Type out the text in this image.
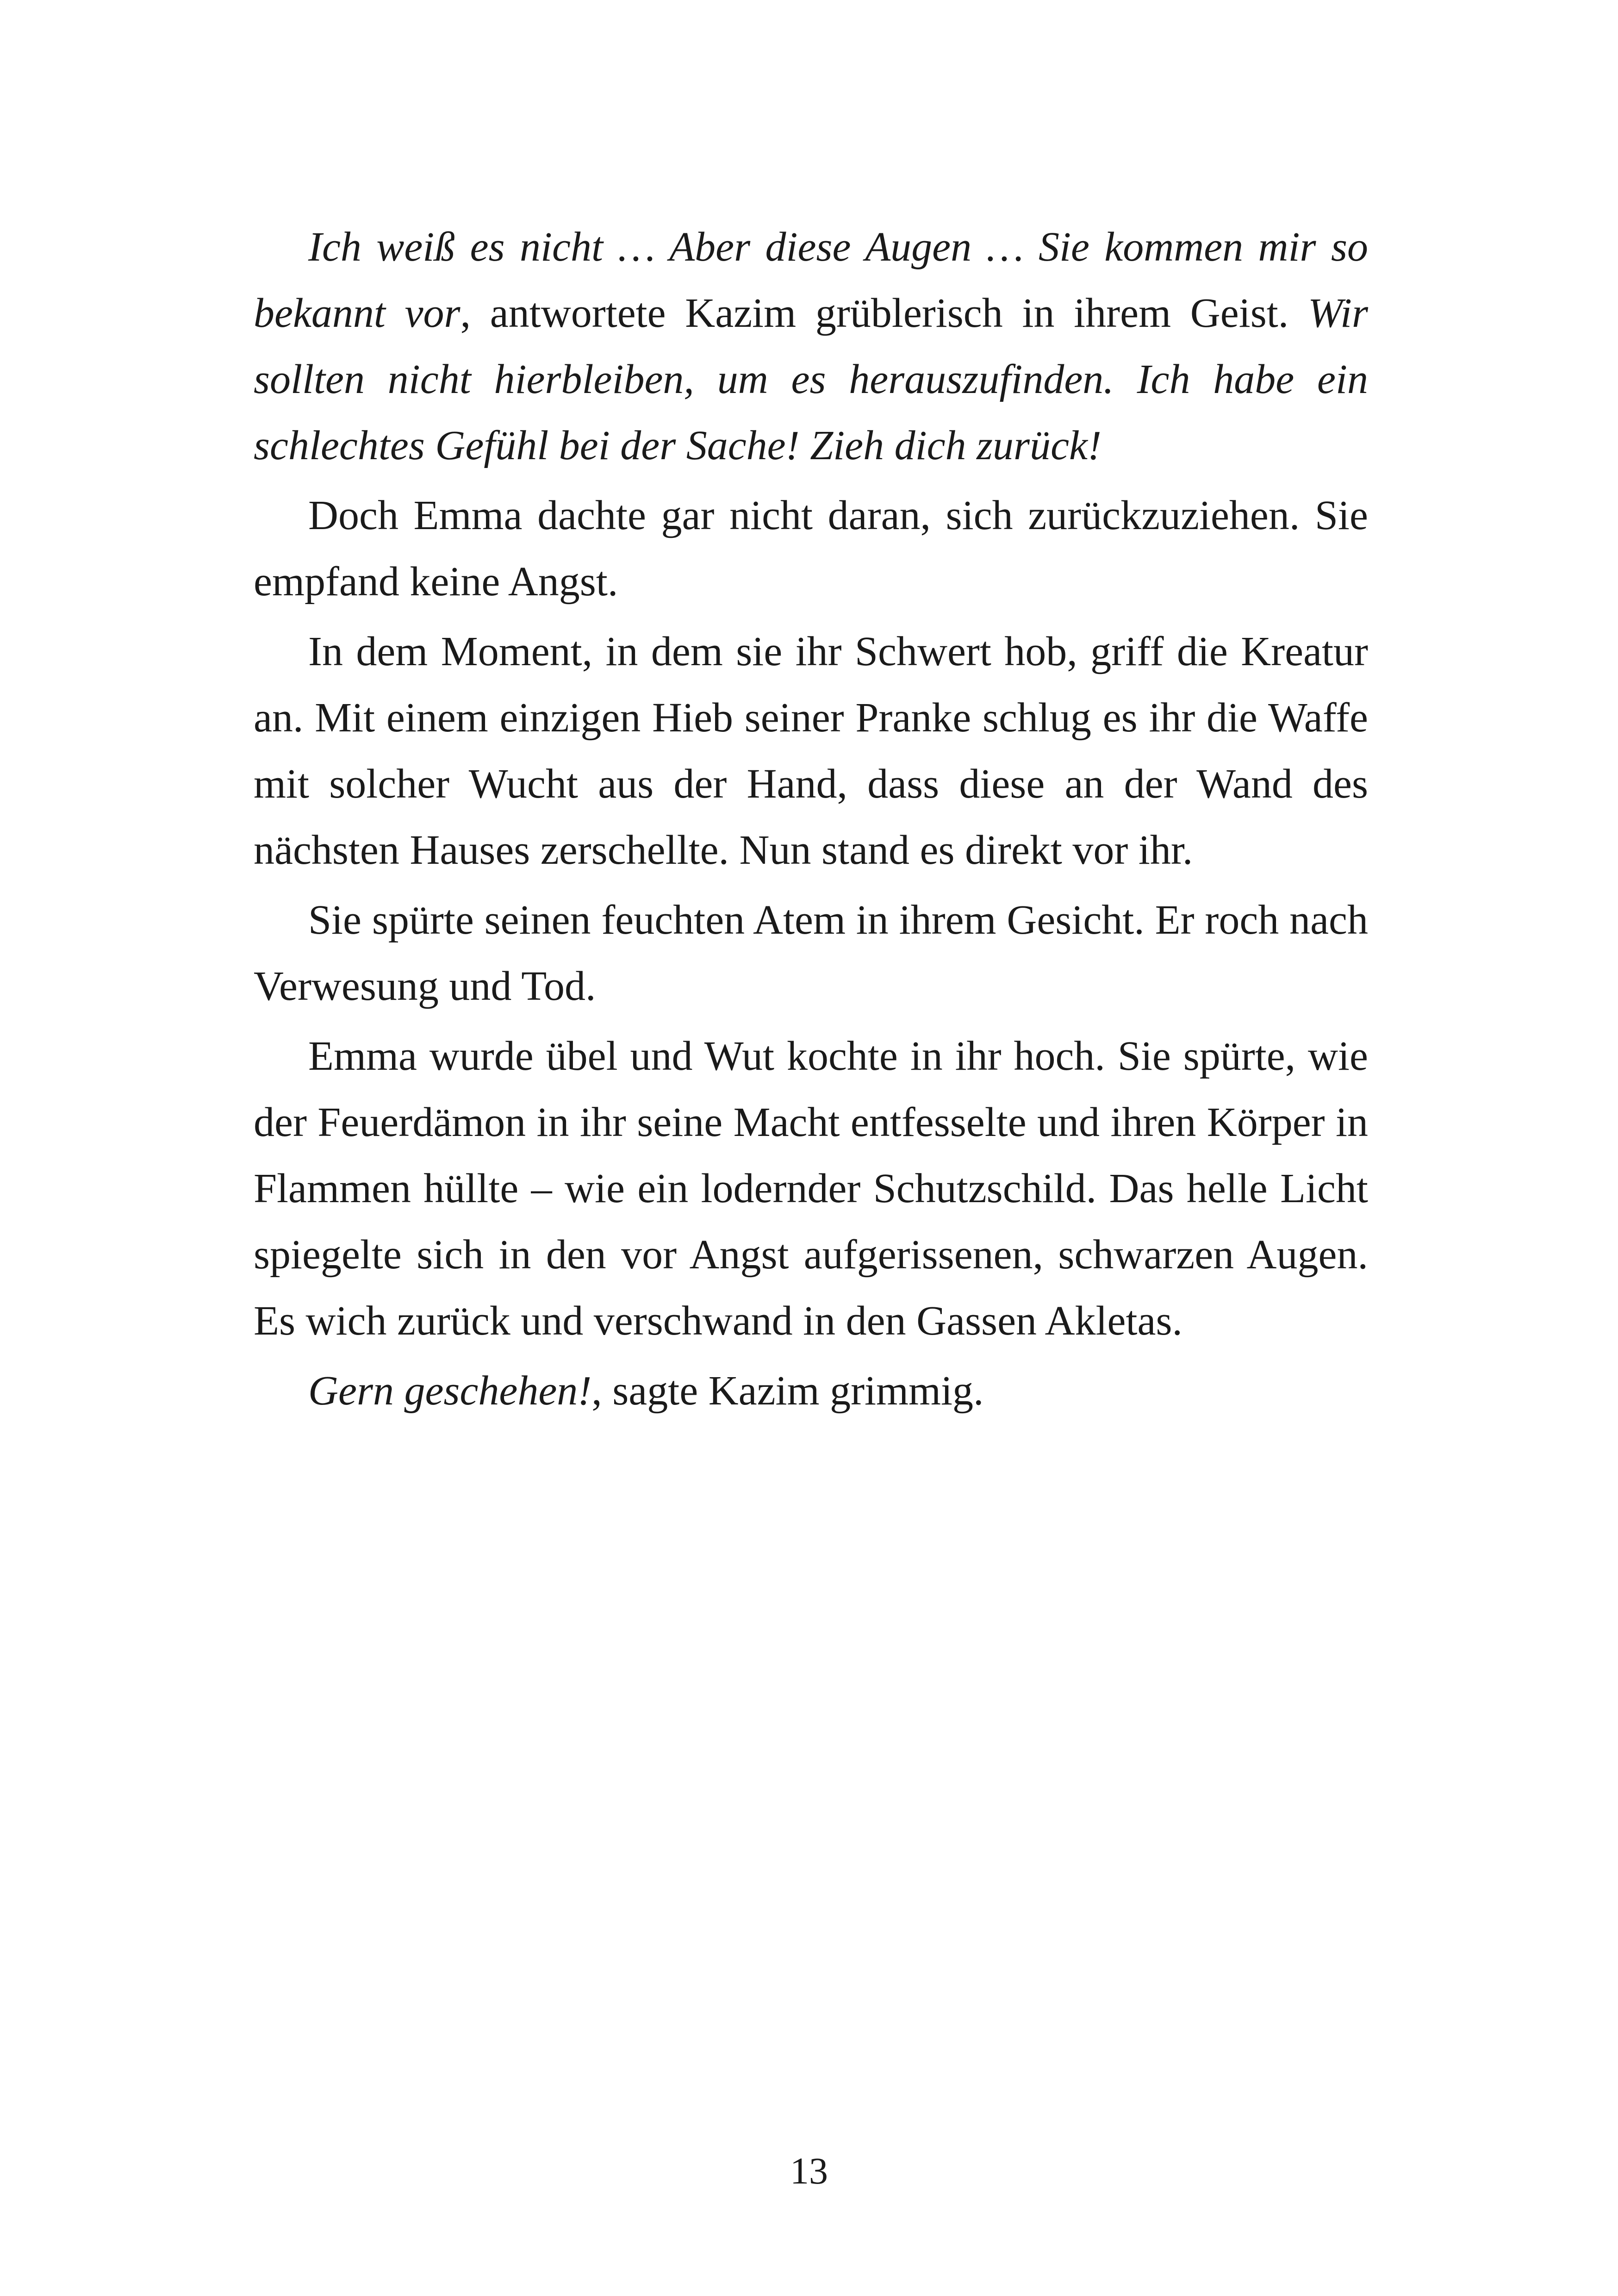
Ich weiß es nicht … Aber diese Augen … Sie kommen mir so bekannt vor, antwortete Kazim grüblerisch in ihrem Geist. Wir sollten nicht hierbleiben, um es herauszufinden. Ich habe ein schlechtes Gefühl bei der Sache! Zieh dich zurück!

Doch Emma dachte gar nicht daran, sich zurückzuziehen. Sie empfand keine Angst.

In dem Moment, in dem sie ihr Schwert hob, griff die Kreatur an. Mit einem einzigen Hieb seiner Pranke schlug es ihr die Waffe mit solcher Wucht aus der Hand, dass diese an der Wand des nächsten Hauses zerschellte. Nun stand es direkt vor ihr.

Sie spürte seinen feuchten Atem in ihrem Gesicht. Er roch nach Verwesung und Tod.

Emma wurde übel und Wut kochte in ihr hoch. Sie spürte, wie der Feuerdämon in ihr seine Macht entfesselte und ihren Körper in Flammen hüllte – wie ein lodernder Schutzschild. Das helle Licht spiegelte sich in den vor Angst aufgerissenen, schwarzen Augen. Es wich zurück und verschwand in den Gassen Akletas.

Gern geschehen!, sagte Kazim grimmig.

13
